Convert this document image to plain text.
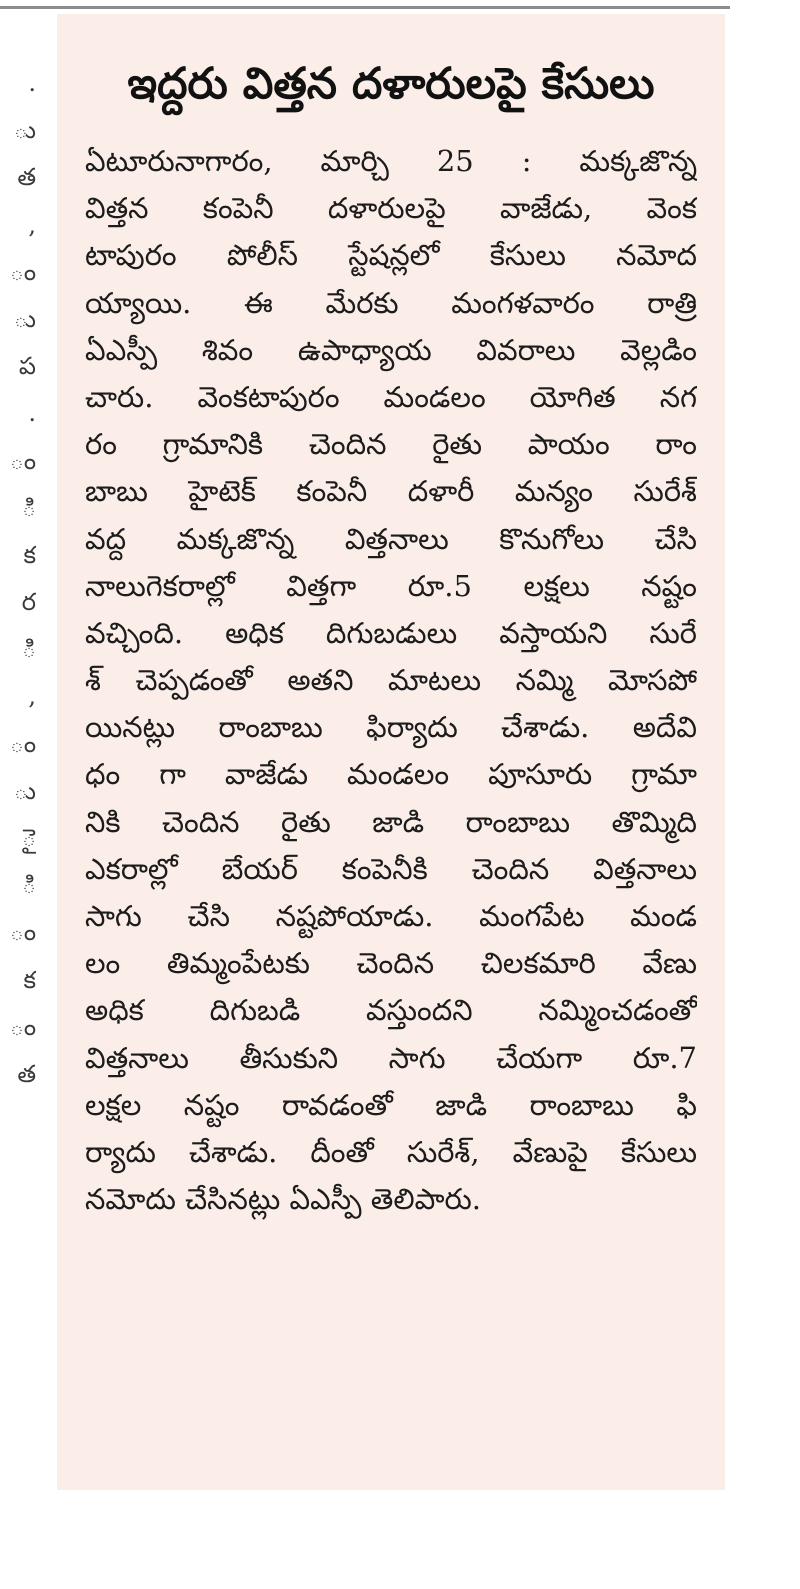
.
ు
త
,
ం
ు
ప
.
ం
ి
క
ర
ి
,
ం
ు
ై
ి
ం
క
ం
త
ఇద్దరు విత్తన దళారులపై కేసులు
ఏటూరునాగారం, మార్చి 25 : మక్కజొన్న
విత్తన కంపెనీ దళారులపై వాజేడు, వెంక
టాపురం పోలీస్ స్టేషన్లలో కేసులు నమోద
య్యాయి. ఈ మేరకు మంగళవారం రాత్రి
ఏఎస్పీ శివం ఉపాధ్యాయ వివరాలు వెల్లడిం
చారు. వెంకటాపురం మండలం యోగిత నగ
రం గ్రామానికి చెందిన రైతు పాయం రాం
బాబు హైటెక్ కంపెనీ దళారీ మన్యం సురేశ్
వద్ద మక్కజొన్న విత్తనాలు కొనుగోలు చేసి
నాలుగెకరాల్లో విత్తగా రూ.5 లక్షలు నష్టం
వచ్చింది. అధిక దిగుబడులు వస్తాయని సురే
శ్ చెప్పడంతో అతని మాటలు నమ్మి మోసపో
యినట్లు రాంబాబు ఫిర్యాదు చేశాడు. అదేవి
ధం గా వాజేడు మండలం పూసూరు గ్రామా
నికి చెందిన రైతు జాడి రాంబాబు తొమ్మిది
ఎకరాల్లో బేయర్ కంపెనీకి చెందిన విత్తనాలు
సాగు చేసి నష్టపోయాడు. మంగపేట మండ
లం తిమ్మంపేటకు చెందిన చిలకమారి వేణు
అధిక దిగుబడి వస్తుందని నమ్మించడంతో
విత్తనాలు తీసుకుని సాగు చేయగా రూ.7
లక్షల నష్టం రావడంతో జాడి రాంబాబు ఫి
ర్యాదు చేశాడు. దీంతో సురేశ్, వేణుపై కేసులు
నమోదు చేసినట్లు ఏఎస్పీ తెలిపారు.
